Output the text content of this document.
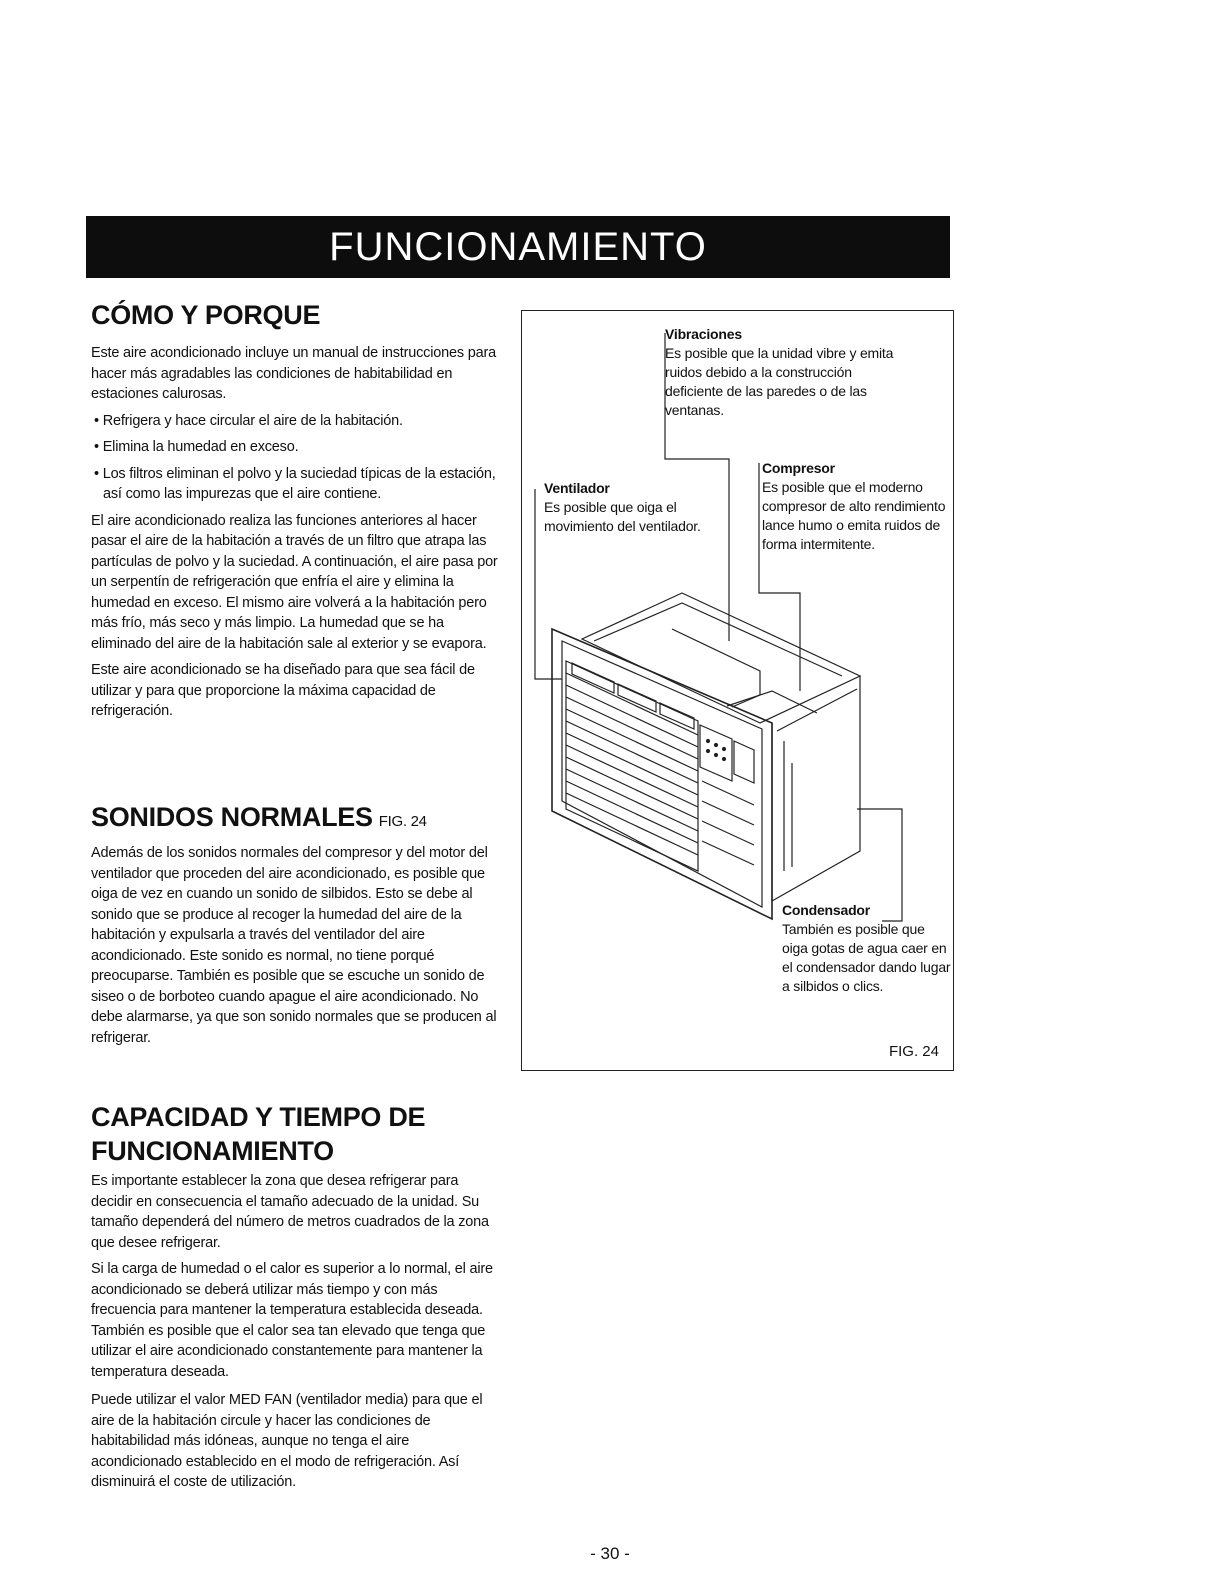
FUNCIONAMIENTO
CÓMO Y PORQUE

Este aire acondicionado incluye un manual de instrucciones para hacer más agradables las condiciones de habitabilidad en estaciones calurosas.

• Refrigera y hace circular el aire de la habitación.
• Elimina la humedad en exceso.
• Los filtros eliminan el polvo y la suciedad típicas de la estación, así como las impurezas que el aire contiene.

El aire acondicionado realiza las funciones anteriores al hacer pasar el aire de la habitación a través de un filtro que atrapa las partículas de polvo y la suciedad. A continuación, el aire pasa por un serpentín de refrigeración que enfría el aire y elimina la humedad en exceso. El mismo aire volverá a la habitación pero más frío, más seco y más limpio. La humedad que se ha eliminado del aire de la habitación sale al exterior y se evapora.

Este aire acondicionado se ha diseñado para que sea fácil de utilizar y para que proporcione la máxima capacidad de refrigeración.

SONIDOS NORMALES FIG. 24

Además de los sonidos normales del compresor y del motor del ventilador que proceden del aire acondicionado, es posible que oiga de vez en cuando un sonido de silbidos. Esto se debe al sonido que se produce al recoger la humedad del aire de la habitación y expulsarla a través del ventilador del aire acondicionado. Este sonido es normal, no tiene porqué preocuparse. También es posible que se escuche un sonido de siseo o de borboteo cuando apague el aire acondicionado. No debe alarmarse, ya que son sonido normales que se producen al refrigerar.

CAPACIDAD Y TIEMPO DE FUNCIONAMIENTO

Es importante establecer la zona que desea refrigerar para decidir en consecuencia el tamaño adecuado de la unidad. Su tamaño dependerá del número de metros cuadrados de la zona que desee refrigerar.

Si la carga de humedad o el calor es superior a lo normal, el aire acondicionado se deberá utilizar más tiempo y con más frecuencia para mantener la temperatura establecida deseada. También es posible que el calor sea tan elevado que tenga que utilizar el aire acondicionado constantemente para mantener la temperatura deseada.

Puede utilizar el valor MED FAN (ventilador media) para que el aire de la habitación circule y hacer las condiciones de habitabilidad más idóneas, aunque no tenga el aire acondicionado establecido en el modo de refrigeración. Así disminuirá el coste de utilización.

Vibraciones
Es posible que la unidad vibre y emita ruidos debido a la construcción deficiente de las paredes o de las ventanas.
Ventilador
Es posible que oiga el movimiento del ventilador.
Compresor
Es posible que el moderno compresor de alto rendimiento lance humo o emita ruidos de forma intermitente.
Condensador
También es posible que oiga gotas de agua caer en el condensador dando lugar a silbidos o clics.
FIG. 24
- 30 -
